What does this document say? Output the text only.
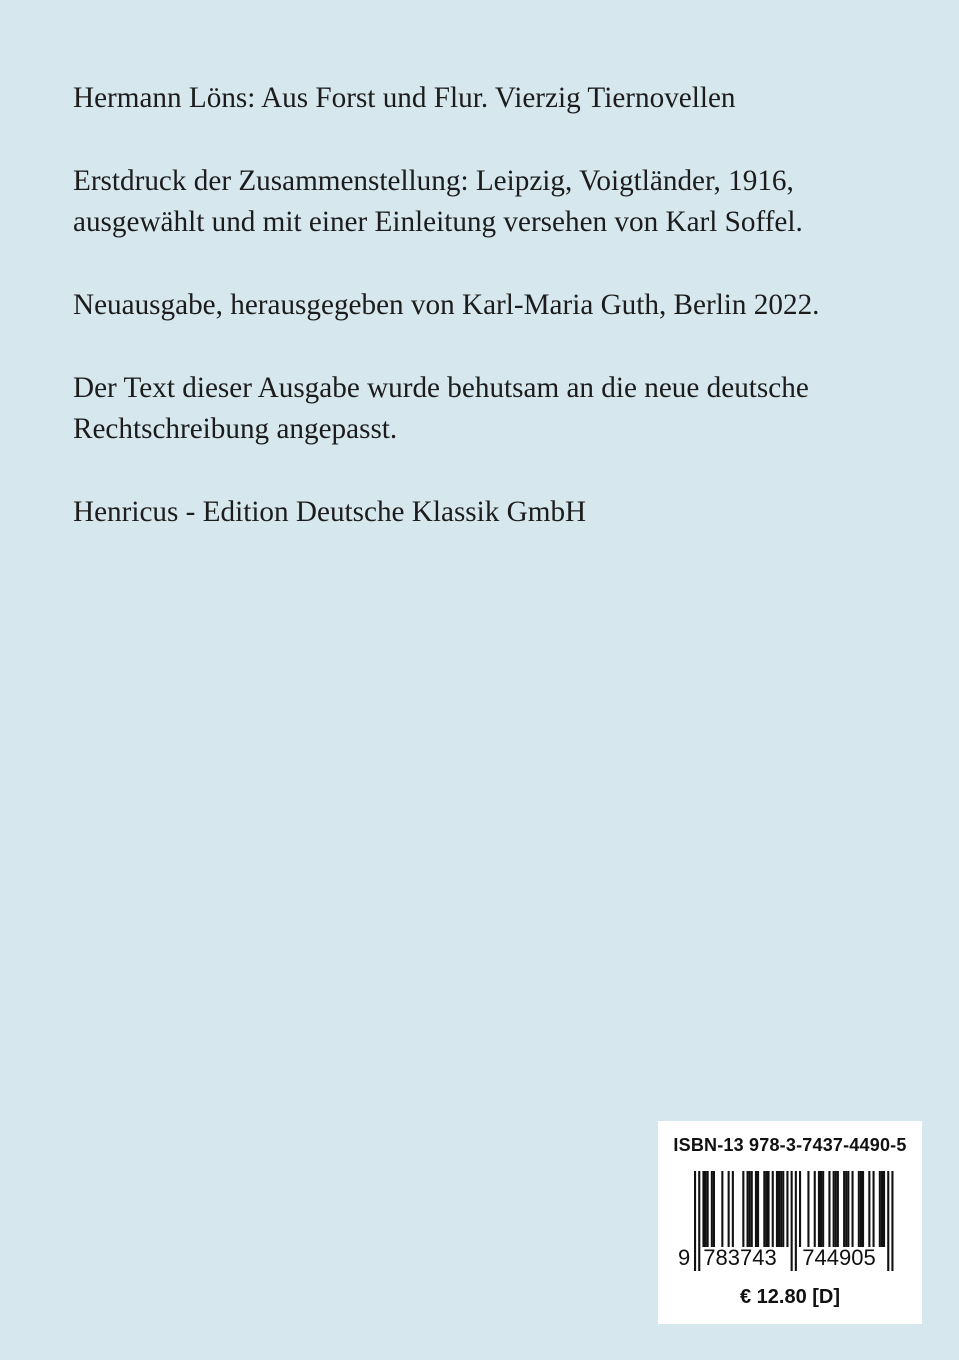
Hermann Löns: Aus Forst und Flur. Vierzig Tiernovellen

Erstdruck der Zusammenstellung: Leipzig, Voigtländer, 1916,
ausgewählt und mit einer Einleitung versehen von Karl Soffel.

Neuausgabe, herausgegeben von Karl-Maria Guth, Berlin 2022.

Der Text dieser Ausgabe wurde behutsam an die neue deutsche
Rechtschreibung angepasst.

Henricus - Edition Deutsche Klassik GmbH

ISBN-13 978-3-7437-4490-5
9 783743 744905
€ 12.80 [D]
